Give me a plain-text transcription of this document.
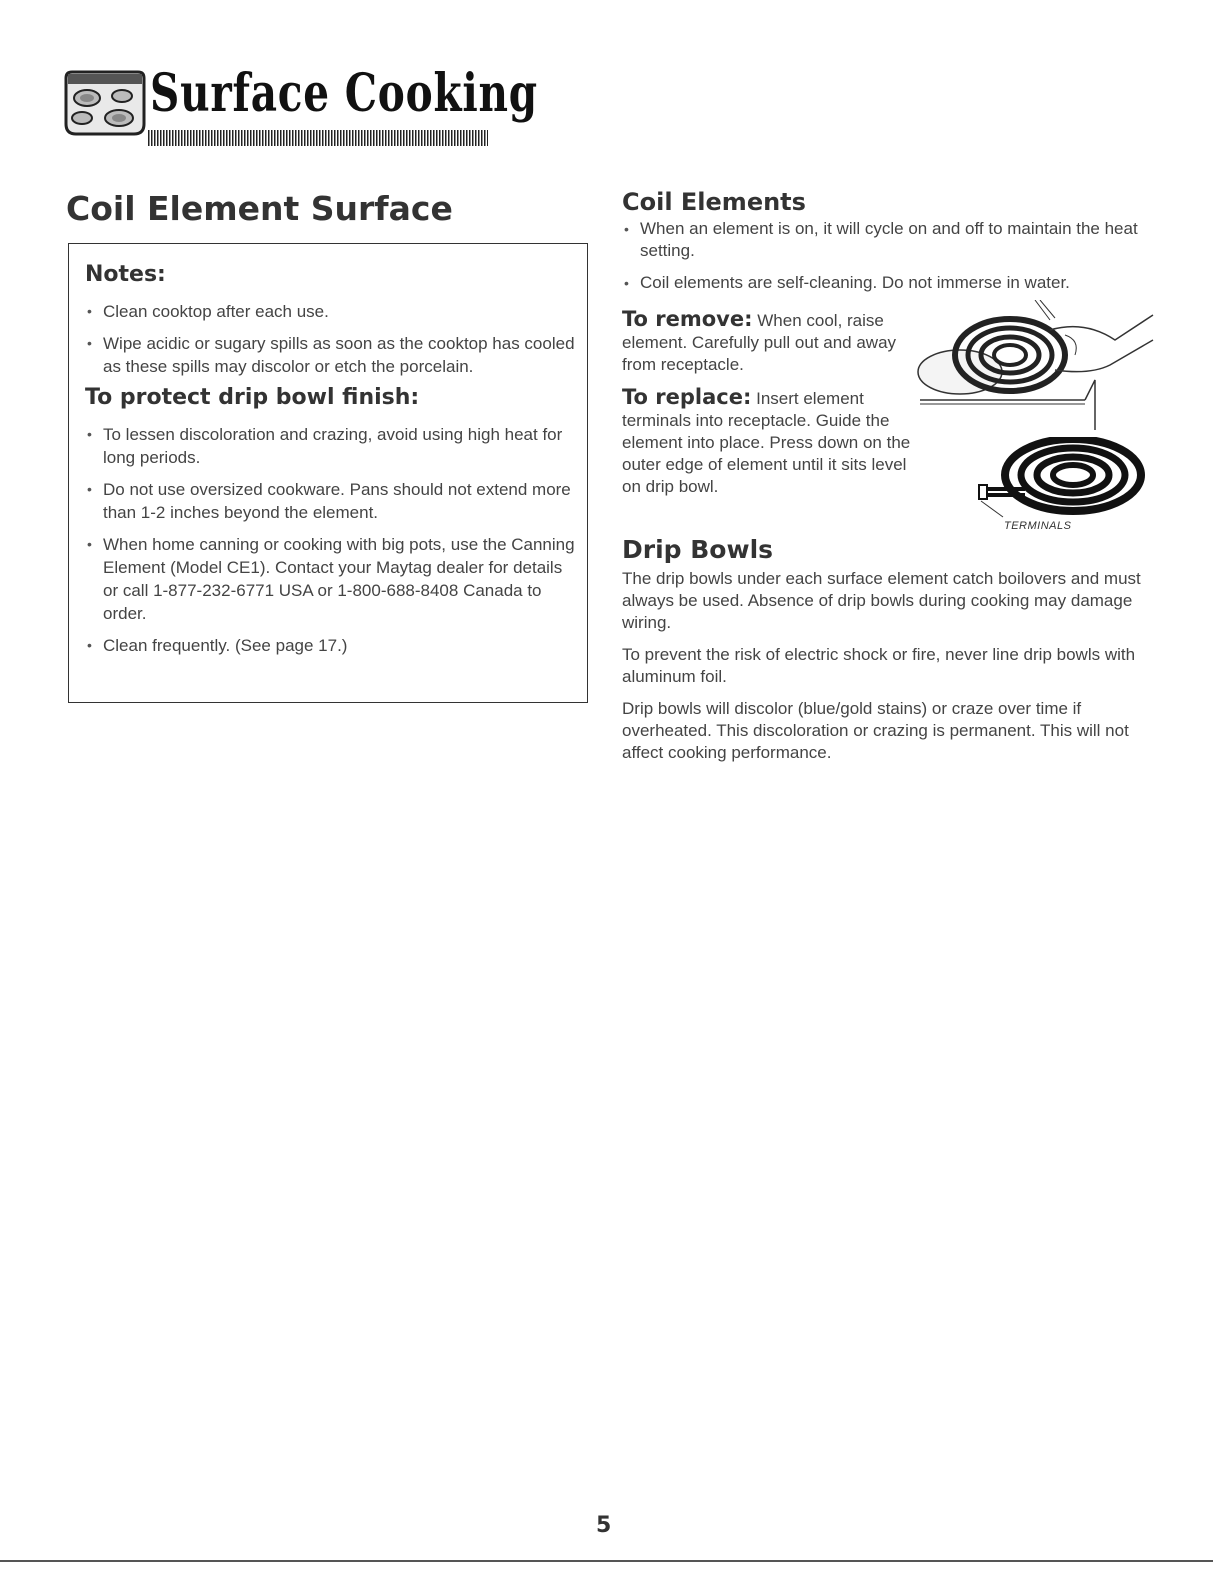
Surface Cooking
Coil Element Surface
Notes:
• Clean cooktop after each use.
• Wipe acidic or sugary spills as soon as the cooktop has cooled as these spills may discolor or etch the porcelain.
To protect drip bowl finish:
• To lessen discoloration and crazing, avoid using high heat for long periods.
• Do not use oversized cookware. Pans should not extend more than 1-2 inches beyond the element.
• When home canning or cooking with big pots, use the Canning Element (Model CE1). Contact your Maytag dealer for details or call 1-877-232-6771 USA or 1-800-688-8408 Canada to order.
• Clean frequently. (See page 17.)
Coil Elements
• When an element is on, it will cycle on and off to maintain the heat setting.
• Coil elements are self-cleaning. Do not immerse in water.
To remove: When cool, raise element. Carefully pull out and away from receptacle.
To replace: Insert element terminals into receptacle. Guide the element into place. Press down on the outer edge of element until it sits level on drip bowl.
TERMINALS
Drip Bowls

The drip bowls under each surface element catch boilovers and must always be used. Absence of drip bowls during cooking may damage wiring.

To prevent the risk of electric shock or fire, never line drip bowls with aluminum foil.

Drip bowls will discolor (blue/gold stains) or craze over time if overheated. This discoloration or crazing is permanent. This will not affect cooking performance.

5
